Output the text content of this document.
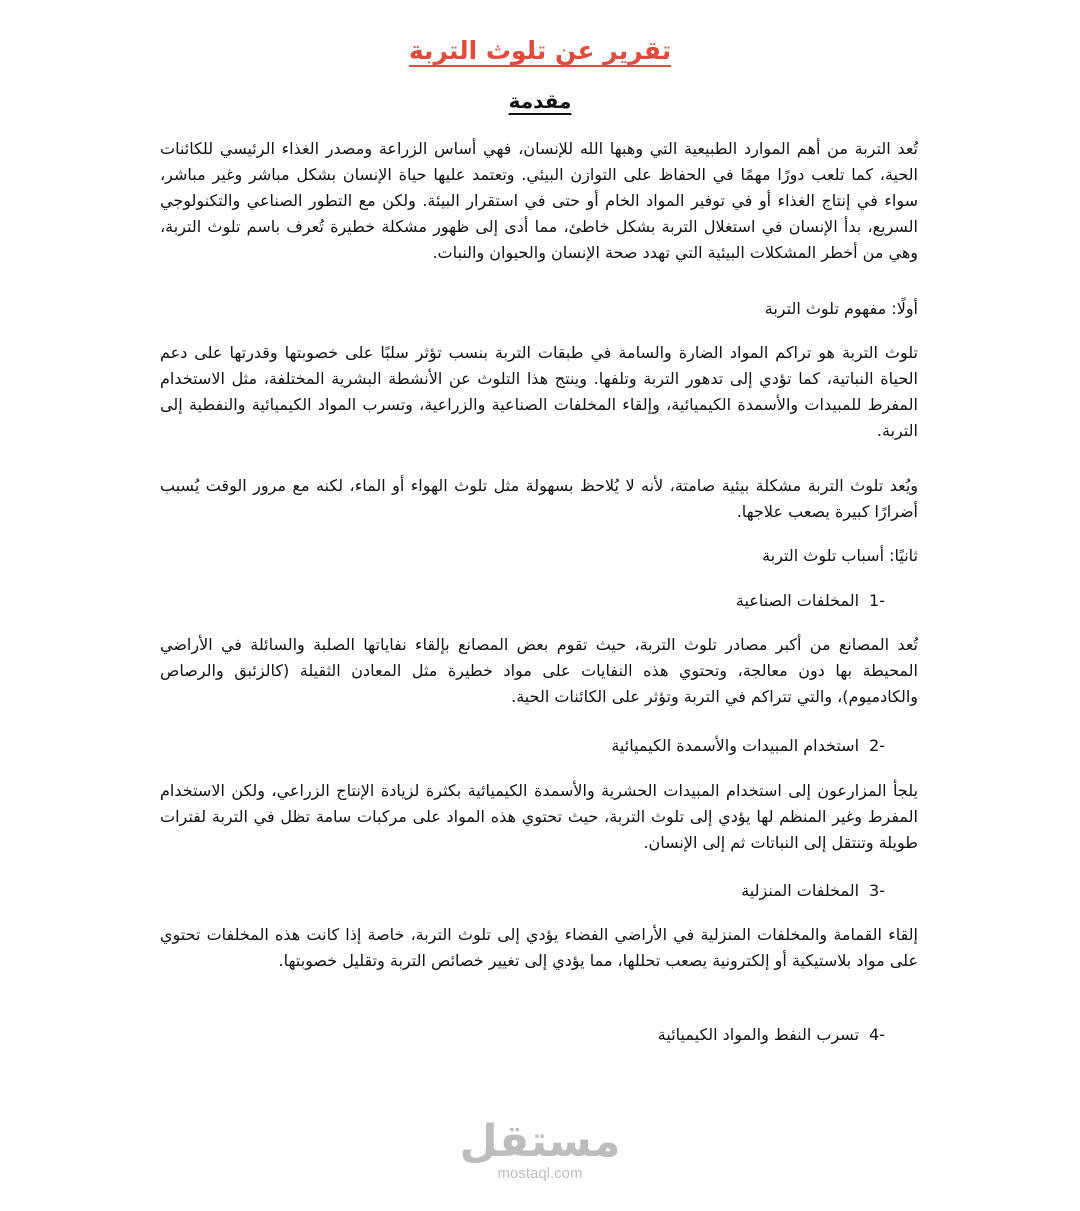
تقرير عن تلوث التربة
مقدمة

تُعد التربة من أهم الموارد الطبيعية التي وهبها الله للإنسان، فهي أساس الزراعة ومصدر الغذاء الرئيسي للكائنات الحية، كما تلعب دورًا مهمًا في الحفاظ على التوازن البيئي. وتعتمد عليها حياة الإنسان بشكل مباشر وغير مباشر، سواء في إنتاج الغذاء أو في توفير المواد الخام أو حتى في استقرار البيئة. ولكن مع التطور الصناعي والتكنولوجي السريع، بدأ الإنسان في استغلال التربة بشكل خاطئ، مما أدى إلى ظهور مشكلة خطيرة تُعرف باسم تلوث التربة، وهي من أخطر المشكلات البيئية التي تهدد صحة الإنسان والحيوان والنبات.

أولًا: مفهوم تلوث التربة

تلوث التربة هو تراكم المواد الضارة والسامة في طبقات التربة بنسب تؤثر سلبًا على خصوبتها وقدرتها على دعم الحياة النباتية، كما تؤدي إلى تدهور التربة وتلفها. وينتج هذا التلوث عن الأنشطة البشرية المختلفة، مثل الاستخدام المفرط للمبيدات والأسمدة الكيميائية، وإلقاء المخلفات الصناعية والزراعية، وتسرب المواد الكيميائية والنفطية إلى التربة.

ويُعد تلوث التربة مشكلة بيئية صامتة، لأنه لا يُلاحظ بسهولة مثل تلوث الهواء أو الماء، لكنه مع مرور الوقت يُسبب أضرارًا كبيرة يصعب علاجها.

ثانيًا: أسباب تلوث التربة

-1
المخلفات الصناعية

تُعد المصانع من أكبر مصادر تلوث التربة، حيث تقوم بعض المصانع بإلقاء نفاياتها الصلبة والسائلة في الأراضي المحيطة بها دون معالجة، وتحتوي هذه النفايات على مواد خطيرة مثل المعادن الثقيلة (كالزئبق والرصاص والكادميوم)، والتي تتراكم في التربة وتؤثر على الكائنات الحية.

-2
استخدام المبيدات والأسمدة الكيميائية

يلجأ المزارعون إلى استخدام المبيدات الحشرية والأسمدة الكيميائية بكثرة لزيادة الإنتاج الزراعي، ولكن الاستخدام المفرط وغير المنظم لها يؤدي إلى تلوث التربة، حيث تحتوي هذه المواد على مركبات سامة تظل في التربة لفترات طويلة وتنتقل إلى النباتات ثم إلى الإنسان.

-3
المخلفات المنزلية

إلقاء القمامة والمخلفات المنزلية في الأراضي الفضاء يؤدي إلى تلوث التربة، خاصة إذا كانت هذه المخلفات تحتوي على مواد بلاستيكية أو إلكترونية يصعب تحللها، مما يؤدي إلى تغيير خصائص التربة وتقليل خصوبتها.

-4
تسرب النفط والمواد الكيميائية
مستقل
mostaql.com
